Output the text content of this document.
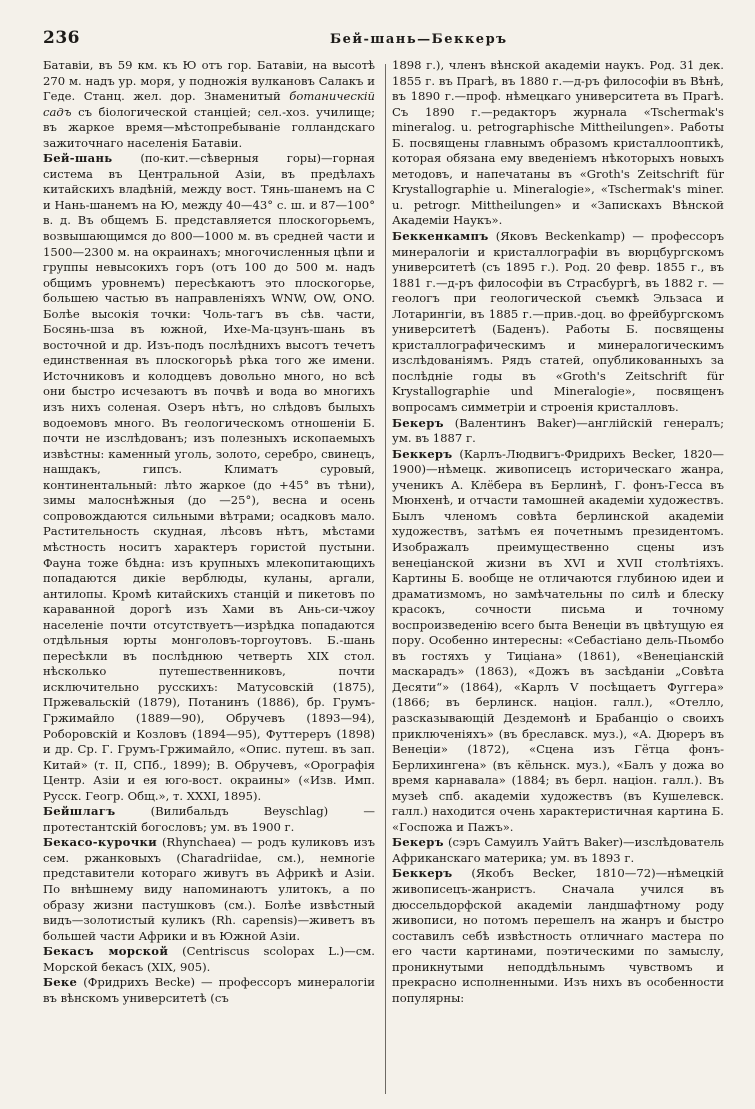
236	Бей-шань—Беккеръ

Батавіи, въ 59 км. къ Ю отъ гор. Батавіи, на высотѣ 270 м. надъ ур. моря, у подножія вулкановъ Салакъ и Геде. Станц. жел. дор. Знаменитый ботаническій садъ съ біологической станціей; сел.-хоз. училище; въ жаркое время—мѣстопребываніе голландскаго зажиточнаго населенія Батавіи.

Бей-шань (по-кит.—сѣверныя горы)—горная система въ Центральной Азіи, въ предѣлахъ китайскихъ владѣній, между вост. Тянь-шанемъ на С и Нань-шанемъ на Ю, между 40—43° с. ш. и 87—100° в. д. Въ общемъ Б. представляется плоскогорьемъ, возвышающимся до 800—1000 м. въ средней части и 1500—2300 м. на окраинахъ; многочисленныя цѣпи и группы невысокихъ горъ (отъ 100 до 500 м. надъ общимъ уровнемъ) пересѣкаютъ это плоскогорье, большею частью въ направленіяхъ WNW, OW, ONO. Болѣе высокія точки: Чоль-тагъ въ сѣв. части, Босянь-шза въ южной, Ихе-Ма-цзунъ-шань въ восточной и др. Изъ-подъ послѣднихъ высотъ течетъ единственная въ плоскогорьѣ рѣка того же имени. Источниковъ и колодцевъ довольно много, но всѣ они быстро исчезаютъ въ почвѣ и вода во многихъ изъ нихъ соленая. Озеръ нѣтъ, но слѣдовъ былыхъ водоемовъ много. Въ геологическомъ отношеніи Б. почти не изслѣдованъ; изъ полезныхъ ископаемыхъ извѣстны: каменный уголь, золото, серебро, свинецъ, нашдакъ, гипсъ. Климатъ суровый, континентальный: лѣто жаркое (до +45° въ тѣни), зимы малоснѣжныя (до —25°), весна и осень сопровождаются сильными вѣтрами; осадковъ мало. Растительность скудная, лѣсовъ нѣтъ, мѣстами мѣстность носитъ характеръ гористой пустыни. Фауна тоже бѣдна: изъ крупныхъ млекопитающихъ попадаются дикіе верблюды, куланы, аргали, антилопы. Кромѣ китайскихъ станцій и пикетовъ по караванной дорогѣ изъ Хами въ Ань-си-чжоу населеніе почти отсутствуетъ—изрѣдка попадаются отдѣльныя юрты монголовъ-торгоутовъ. Б.-шань пересѣкли въ послѣднюю четверть XIX стол. нѣсколько путешественниковъ, почти исключительно русскихъ: Матусовскій (1875), Пржевальскій (1879), Потанинъ (1886), бр. Грумъ-Гржимайло (1889—90), Обручевъ (1893—94), Роборовскій и Козловъ (1894—95), Футтереръ (1898) и др. Ср. Г. Грумъ-Гржимайло, «Опис. путеш. въ зап. Китай» (т. II, СПб., 1899); В. Обручевъ, «Орографія Центр. Азіи и ея юго-вост. окраины» («Изв. Имп. Русск. Геогр. Общ.», т. XXXI, 1895).

Бейшлагъ (Вилибальдъ Beyschlag) — протестантскій богословъ; ум. въ 1900 г.

Бекасо-курочки (Rhynchaea) — родъ куликовъ изъ сем. ржанковыхъ (Charadriidae, см.), немногіе представители котораго живутъ въ Африкѣ и Азіи. По внѣшнему виду напоминаютъ улитокъ, а по образу жизни пастушковъ (см.). Болѣе извѣстный видъ—золотистый куликъ (Rh. capensis)—живетъ въ большей части Африки и въ Южной Азіи.

Бекасъ морской (Centriscus scolopax L.)—см. Морской бекасъ (XIX, 905).

Беке (Фридрихъ Becke) — профессоръ минералогіи въ вѣнскомъ университетѣ (съ

1898 г.), членъ вѣнской академіи наукъ. Род. 31 дек. 1855 г. въ Прагѣ, въ 1880 г.—д-ръ философіи въ Вѣнѣ, въ 1890 г.—проф. нѣмецкаго университета въ Прагѣ. Съ 1890 г.—редакторъ журнала «Tschermak's mineralog. u. petrographische Mittheilungen». Работы Б. посвящены главнымъ образомъ кристаллооптикѣ, которая обязана ему введеніемъ нѣкоторыхъ новыхъ методовъ, и напечатаны въ «Groth's Zeitschrift für Krystallographie u. Mineralogie», «Tschermak's miner. u. petrogr. Mittheilungen» и «Запискахъ Вѣнской Академіи Наукъ».

Беккенкампъ (Яковъ Beckenkamp) — профессоръ минералогіи и кристаллографіи въ вюрцбургскомъ университетѣ (съ 1895 г.). Род. 20 февр. 1855 г., въ 1881 г.—д-ръ философіи въ Страсбургѣ, въ 1882 г. — геологъ при геологической съемкѣ Эльзаса и Лотарингіи, въ 1885 г.—прив.-доц. во фрейбургскомъ университетѣ (Баденъ). Работы Б. посвящены кристаллографическимъ и минералогическимъ изслѣдованіямъ. Рядъ статей, опубликованныхъ за послѣдніе годы въ «Groth's Zeitschrift für Krystallographie und Mineralogie», посвященъ вопросамъ симметріи и строенія кристалловъ.

Бекеръ (Валентинъ Baker)—англійскій генералъ; ум. въ 1887 г.

Беккеръ (Карлъ-Людвигъ-Фридрихъ Becker, 1820—1900)—нѣмецк. живописецъ историческаго жанра, ученикъ А. Клёбера въ Берлинѣ, Г. фонъ-Гесса въ Мюнхенѣ, и отчасти тамошней академіи художествъ. Былъ членомъ совѣта берлинской академіи художествъ, затѣмъ ея почетнымъ президентомъ. Изображалъ преимущественно сцены изъ венеціанской жизни въ XVI и XVII столѣтіяхъ. Картины Б. вообще не отличаются глубиною идеи и драматизмомъ, но замѣчательны по силѣ и блеску красокъ, сочности письма и точному воспроизведенію всего быта Венеціи въ цвѣтущую ея пору. Особенно интересны: «Себастіано дель-Пьомбо въ гостяхъ у Тиціана» (1861), «Венеціанскій маскарадъ» (1863), «Дожъ въ засѣданіи „Совѣта Десяти“» (1864), «Карлъ V посѣщаетъ Фуггера» (1866; въ берлинск. націон. галл.), «Отелло, разсказывающій Дездемонѣ и Брабанціо о своихъ приключеніяхъ» (въ бреславск. муз.), «А. Дюреръ въ Венеціи» (1872), «Сцена изъ Гётца фонъ-Берлихингена» (въ кёльнск. муз.), «Балъ у дожа во время карнавала» (1884; въ берл. націон. галл.). Въ музеѣ спб. академіи художествъ (въ Кушелевск. галл.) находится очень характеристичная картина Б. «Госпожа и Пажъ».

Бекеръ (сэръ Самуилъ Уайтъ Baker)—изслѣдователь Африканскаго материка; ум. въ 1893 г.

Беккеръ (Якобъ Becker, 1810—72)—нѣмецкій живописецъ-жанристъ. Сначала учился въ дюссельдорфской академіи ландшафтному роду живописи, но потомъ перешелъ на жанръ и быстро составилъ себѣ извѣстность отличнаго мастера по его части картинами, поэтическими по замыслу, проникнутыми неподдѣльнымъ чувствомъ и прекрасно исполненными. Изъ нихъ въ особенности популярны:
